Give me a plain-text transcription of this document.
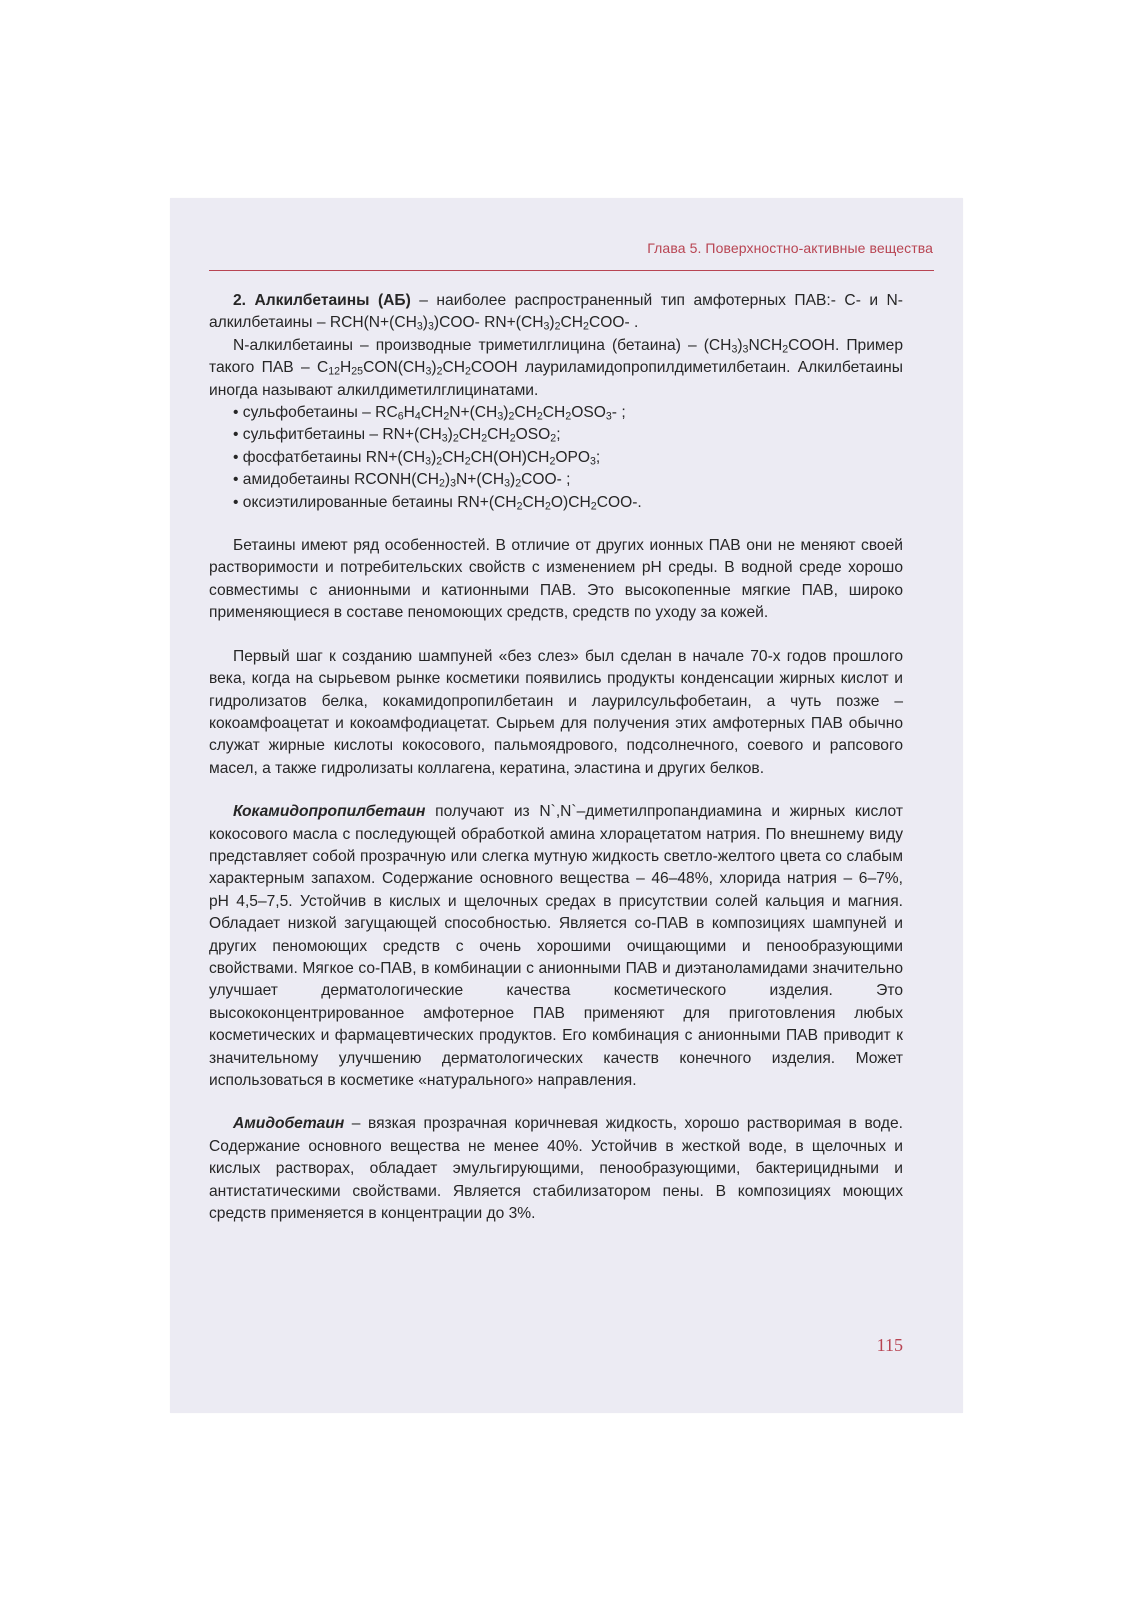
Глава 5. Поверхностно-активные вещества

2. Алкилбетаины (АБ) – наиболее распространенный тип амфотерных ПАВ:- С- и N-алкилбетаины – $RCH(N+(CH_3)_3)COO-$ $RN+(CH_3)_2CH_2COO-$ .

N-алкилбетаины – производные триметилглицина (бетаина) – $(CH_3)_3NCH_2COOH$. Пример такого ПАВ – $C_{12}H_{25}CON(CH_3)_2CH_2COOH$ лауриламидопропилдиметилбетаин. Алкилбетаины иногда называют алкилдиметилглицинатами.

• сульфобетаины – $RC_6H_4CH_2N+(CH_3)_2CH_2CH_2OSO_3-$ ;

• сульфитбетаины – $RN+(CH_3)_2CH_2CH_2OSO_2$;

• фосфатбетаины $RN+(CH_3)_2CH_2CH(OH)CH_2OPO_3$;

• амидобетаины $RCONH(CH_2)_3N+(CH_3)_2COO-$ ;

• оксиэтилированные бетаины $RN+(CH_2CH_2O)CH_2COO-$.

Бетаины имеют ряд особенностей. В отличие от других ионных ПАВ они не меняют своей растворимости и потребительских свойств с изменением рН среды. В водной среде хорошо совместимы с анионными и катионными ПАВ. Это высокопенные мягкие ПАВ, широко применяющиеся в составе пеномоющих средств, средств по уходу за кожей.

Первый шаг к созданию шампуней «без слез» был сделан в начале 70-х годов прошлого века, когда на сырьевом рынке косметики появились продукты конденсации жирных кислот и гидролизатов белка, кокамидопропилбетаин и лаурилсульфобетаин, а чуть позже – кокоамфоацетат и кокоамфодиацетат. Сырьем для получения этих амфотерных ПАВ обычно служат жирные кислоты кокосового, пальмоядрового, подсолнечного, соевого и рапсового масел, а также гидролизаты коллагена, кератина, эластина и других белков.

Кокамидопропилбетаин получают из N`,N`–диметилпропандиамина и жирных кислот кокосового масла с последующей обработкой амина хлорацетатом натрия. По внешнему виду представляет собой прозрачную или слегка мутную жидкость светло-желтого цвета со слабым характерным запахом. Содержание основного вещества – 46–48%, хлорида натрия – 6–7%, рН 4,5–7,5. Устойчив в кислых и щелочных средах в присутствии солей кальция и магния. Обладает низкой загущающей способностью. Является со-ПАВ в композициях шампуней и других пеномоющих средств с очень хорошими очищающими и пенообразующими свойствами. Мягкое со-ПАВ, в комбинации с анионными ПАВ и диэтаноламидами значительно улучшает дерматологические качества косметического изделия. Это высококонцентрированное амфотерное ПАВ применяют для приготовления любых косметических и фармацевтических продуктов. Его комбинация с анионными ПАВ приводит к значительному улучшению дерматологических качеств конечного изделия. Может использоваться в косметике «натурального» направления.

Амидобетаин – вязкая прозрачная коричневая жидкость, хорошо растворимая в воде. Содержание основного вещества не менее 40%. Устойчив в жесткой воде, в щелочных и кислых растворах, обладает эмульгирующими, пенообразующими, бактерицидными и антистатическими свойствами. Является стабилизатором пены. В композициях моющих средств применяется в концентрации до 3%.

115
